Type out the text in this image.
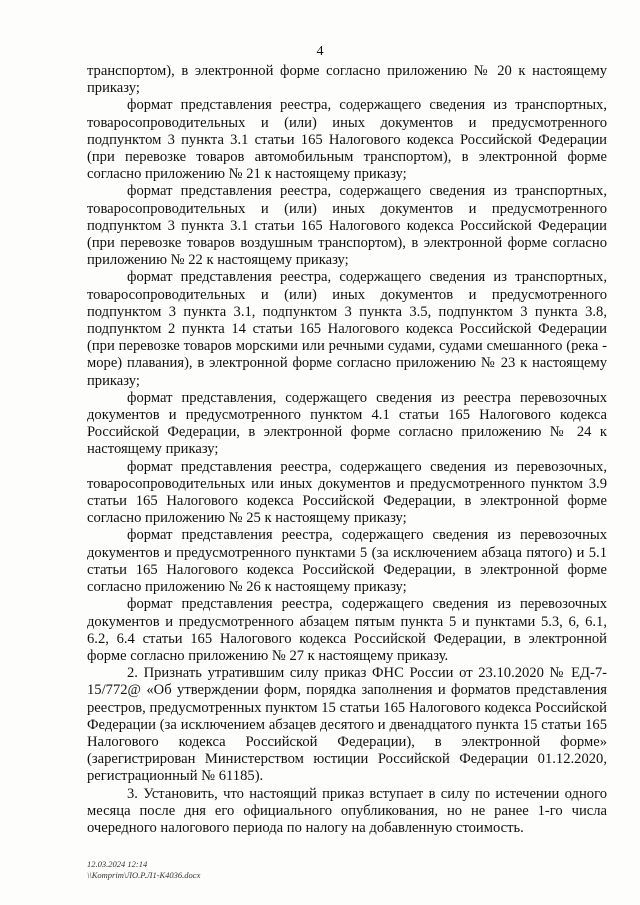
4

транспортом), в электронной форме согласно приложению № 20 к настоящему приказу;

формат представления реестра, содержащего сведения из транспортных, товаросопроводительных и (или) иных документов и предусмотренного подпунктом 3 пункта 3.1 статьи 165 Налогового кодекса Российской Федерации (при перевозке товаров автомобильным транспортом), в электронной форме согласно приложению № 21 к настоящему приказу;

формат представления реестра, содержащего сведения из транспортных, товаросопроводительных и (или) иных документов и предусмотренного подпунктом 3 пункта 3.1 статьи 165 Налогового кодекса Российской Федерации (при перевозке товаров воздушным транспортом), в электронной форме согласно приложению № 22 к настоящему приказу;

формат представления реестра, содержащего сведения из транспортных, товаросопроводительных и (или) иных документов и предусмотренного подпунктом 3 пункта 3.1, подпунктом 3 пункта 3.5, подпунктом 3 пункта 3.8, подпунктом 2 пункта 14 статьи 165 Налогового кодекса Российской Федерации (при перевозке товаров морскими или речными судами, судами смешанного (река - море) плавания), в электронной форме согласно приложению № 23 к настоящему приказу;

формат представления, содержащего сведения из реестра перевозочных документов и предусмотренного пунктом 4.1 статьи 165 Налогового кодекса Российской Федерации, в электронной форме согласно приложению № 24 к настоящему приказу;

формат представления реестра, содержащего сведения из перевозочных, товаросопроводительных или иных документов и предусмотренного пунктом 3.9 статьи 165 Налогового кодекса Российской Федерации, в электронной форме согласно приложению № 25 к настоящему приказу;

формат представления реестра, содержащего сведения из перевозочных документов и предусмотренного пунктами 5 (за исключением абзаца пятого) и 5.1 статьи 165 Налогового кодекса Российской Федерации, в электронной форме согласно приложению № 26 к настоящему приказу;

формат представления реестра, содержащего сведения из перевозочных документов и предусмотренного абзацем пятым пункта 5 и пунктами 5.3, 6, 6.1, 6.2, 6.4 статьи 165 Налогового кодекса Российской Федерации, в электронной форме согласно приложению № 27 к настоящему приказу.

2. Признать утратившим силу приказ ФНС России от 23.10.2020 № ЕД-7-15/772@ «Об утверждении форм, порядка заполнения и форматов представления реестров, предусмотренных пунктом 15 статьи 165 Налогового кодекса Российской Федерации (за исключением абзацев десятого и двенадцатого пункта 15 статьи 165 Налогового кодекса Российской Федерации), в электронной форме» (зарегистрирован Министерством юстиции Российской Федерации 01.12.2020, регистрационный № 61185).

3. Установить, что настоящий приказ вступает в силу по истечении одного месяца после дня его официального опубликования, но не ранее 1-го числа очередного налогового периода по налогу на добавленную стоимость.

12.03.2024 12:14
\\Komprim\ЛО.Р.Л1-К4036.docx
